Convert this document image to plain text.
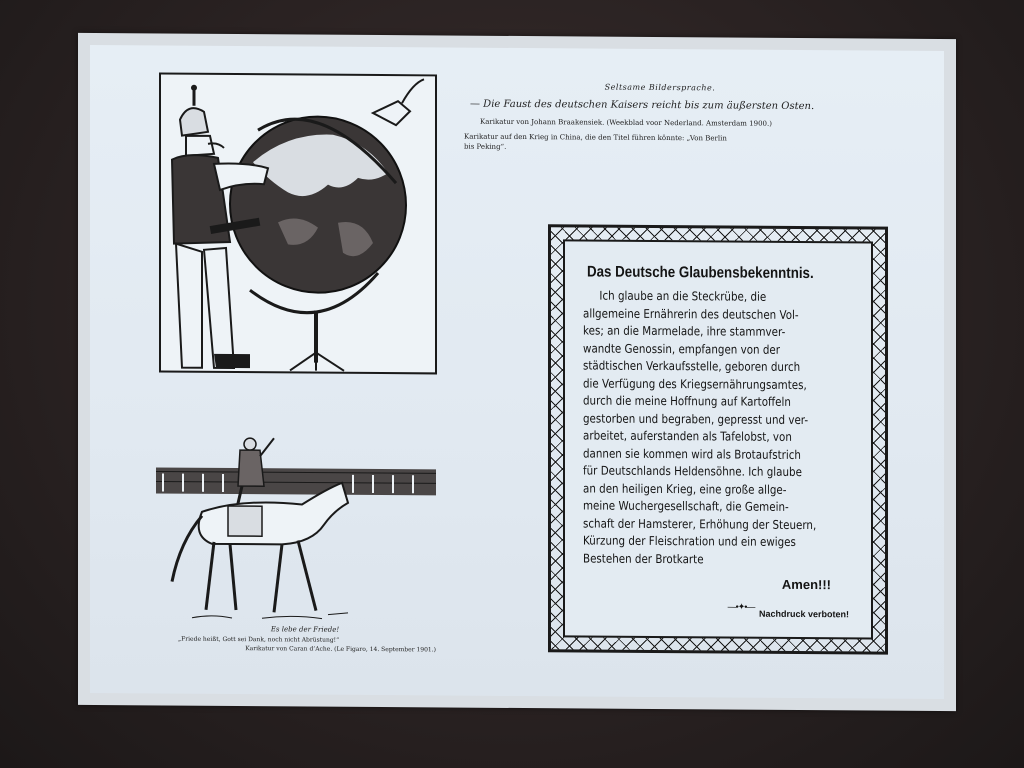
Seltsame Bildersprache.

— Die Faust des deutschen Kaisers reicht bis zum äußersten Osten.

Karikatur von Johann Braakensiek. (Weekblad voor Nederland. Amsterdam 1900.)

Karikatur auf den Krieg in China, die den Titel führen könnte: „Von Berlin

bis Peking“.

Es lebe der Friede!
„Friede heißt, Gott sei Dank, noch nicht Abrüstung!“
Karikatur von Caran d’Ache. (Le Figaro, 14. September 1901.)
Das Deutsche Glaubensbekenntnis.
Ich glaube an die Steckrübe, die
allgemeine Ernährerin des deutschen Vol-
kes; an die Marmelade, ihre stammver-
wandte Genossin, empfangen von der
städtischen Verkaufsstelle, geboren durch
die Verfügung des Kriegsernährungsamtes,
durch die meine Hoffnung auf Kartoffeln
gestorben und begraben, gepresst und ver-
arbeitet, auferstanden als Tafelobst, von
dannen sie kommen wird als Brotaufstrich
für Deutschlands Heldensöhne. Ich glaube
an den heiligen Krieg, eine große allge-
meine Wuchergesellschaft, die Gemein-
schaft der Hamsterer, Erhöhung der Steuern,
Kürzung der Fleischration und ein ewiges
Bestehen der Brotkarte
Amen!!!
—•✦•—
Nachdruck verboten!
